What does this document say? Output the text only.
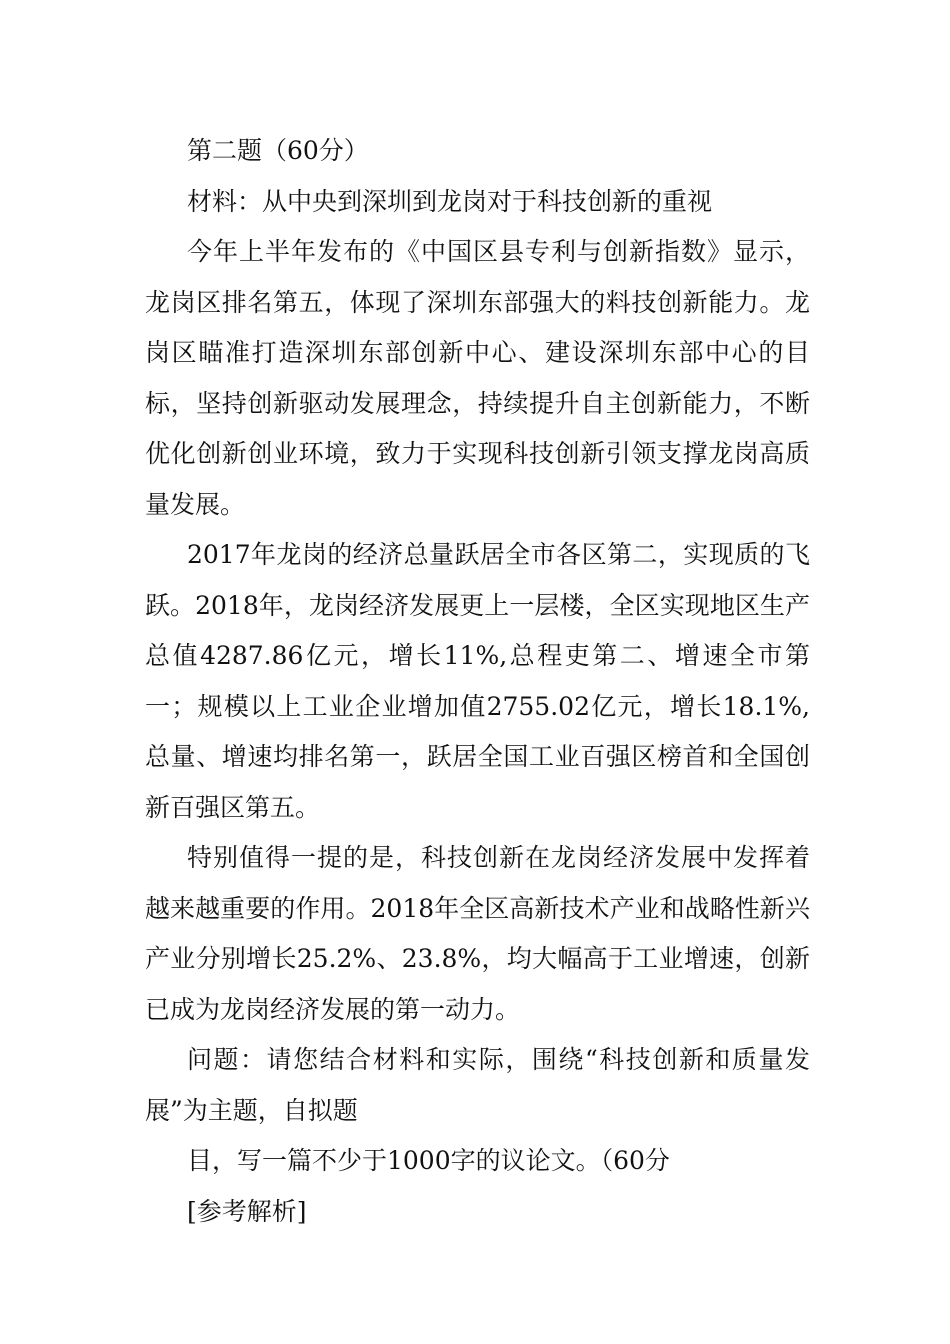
第二题（60分）

材料：从中央到深圳到龙岗对于科技创新的重视

今年上半年发布的《中国区县专利与创新指数》显示，龙岗区排名第五，体现了深圳东部强大的料技创新能力。龙岗区瞄准打造深圳东部创新中心、建设深圳东部中心的目标，坚持创新驱动发展理念，持续提升自主创新能力，不断优化创新创业环境，致力于实现科技创新引领支撑龙岗高质量发展。

2017年龙岗的经济总量跃居全市各区第二，实现质的飞跃。2018年，龙岗经济发展更上一层楼，全区实现地区生产总值4287.86亿元，增长11%,总程吏第二、增速全市第一；规模以上工业企业增加值2755.02亿元，增长18.1%,总量、增速均排名第一，跃居全国工业百强区榜首和全国创新百强区第五。

特别值得一提的是，科技创新在龙岗经济发展中发挥着越来越重要的作用。2018年全区高新技术产业和战略性新兴产业分别增长25.2%、23.8%，均大幅高于工业增速，创新已成为龙岗经济发展的第一动力。

问题：请您结合材料和实际，围绕“科技创新和质量发展”为主题，自拟题

目，写一篇不少于1000字的议论文。（60分

[参考解析]
